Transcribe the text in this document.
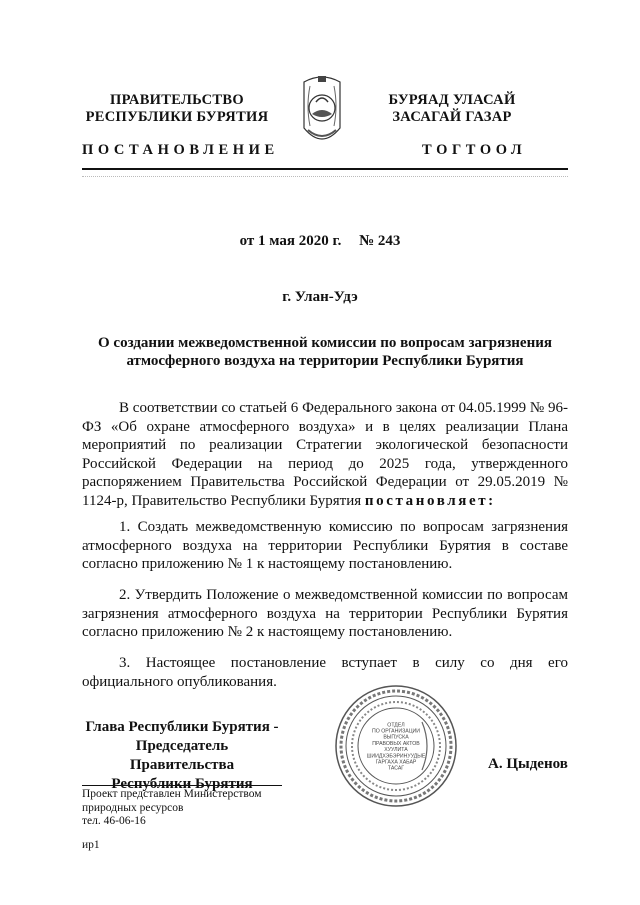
ПРАВИТЕЛЬСТВО
РЕСПУБЛИКИ БУРЯТИЯ
ПОСТАНОВЛЕНИЕ
БУРЯАД УЛАСАЙ
ЗАСАГАЙ ГАЗАР
ТОГТООЛ
от 1 мая 2020 г. № 243
г. Улан-Удэ
О создании межведомственной комиссии по вопросам загрязнения
атмосферного воздуха на территории Республики Бурятия

В соответствии со статьей 6 Федерального закона от 04.05.1999 № 96-ФЗ «Об охране атмосферного воздуха» и в целях реализации Плана мероприятий по реализации Стратегии экологической безопасности Российской Федерации на период до 2025 года, утвержденного распоряжением Правительства Российской Федерации от 29.05.2019 № 1124-р, Правительство Республики Бурятия постановляет:

1. Создать межведомственную комиссию по вопросам загрязнения атмосферного воздуха на территории Республики Бурятия в составе согласно приложению № 1 к настоящему постановлению.

2. Утвердить Положение о межведомственной комиссии по вопросам загрязнения атмосферного воздуха на территории Республики Бурятия согласно приложению № 2 к настоящему постановлению.

3. Настоящее постановление вступает в силу со дня его официального опубликования.

Глава Республики Бурятия -
Председатель Правительства
Республики Бурятия
ОТДЕЛ
ПО ОРГАНИЗАЦИИ
ВЫПУСКА
ПРАВОВЫХ АКТОВ
ХУУЛИТА
ШИИДХЭБЭРИНУУДЫЕ
ГАРГАХА ХАБАР
ТАСАГ	А. Цыденов
Проект представлен Министерством
природных ресурсов
тел. 46-06-16
ир1
